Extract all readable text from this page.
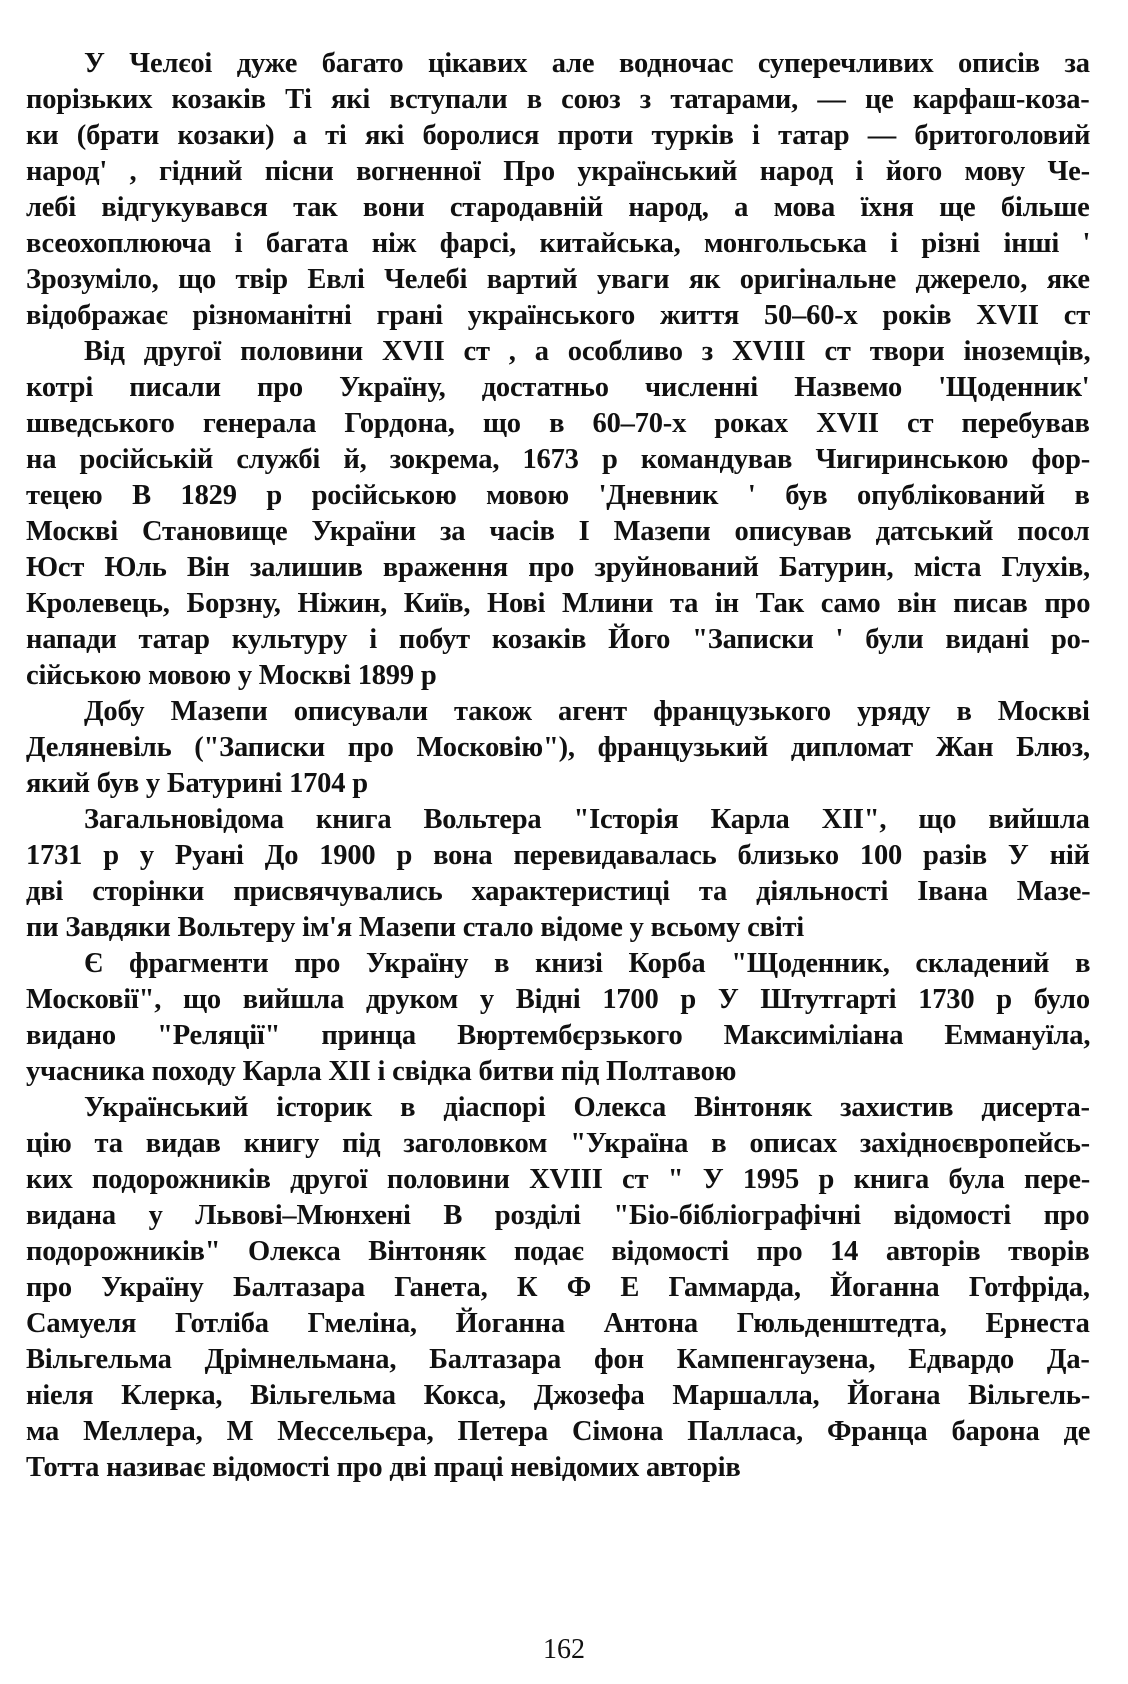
У Челєоі дуже багато цікавих але водночас суперечливих описів за
порізьких козаків Ті які вступали в союз з татарами, — це карфаш-коза-
ки (брати козаки) а ті які боролися проти турків і татар — бритоголовий
народ' , гідний пісни вогненної Про український народ і його мову Че-
лебі відгукувався так вони стародавній народ, а мова їхня ще більше
всеохоплююча і багата ніж фарсі, китайська, монгольська і різні інші '
Зрозуміло, що твір Евлі Челебі вартий уваги як оригінальне джерело, яке
відображає різноманітні грані українського життя 50–60-х років XVII ст
Від другої половини XVII ст , а особливо з XVIII ст твори іноземців,
котрі писали про Україну, достатньо численні Назвемо 'Щоденник'
шведського генерала Гордона, що в 60–70-х роках XVII ст перебував
на російській службі й, зокрема, 1673 р командував Чигиринською фор-
тецею В 1829 р російською мовою 'Дневник ' був опублікований в
Москві Становище України за часів І Мазепи описував датський посол
Юст Юль Він залишив враження про зруйнований Батурин, міста Глухів,
Кролевець, Борзну, Ніжин, Київ, Нові Млини та ін Так само він писав про
напади татар культуру і побут козаків Його "Записки ' були видані ро-
сійською мовою у Москві 1899 р
Добу Мазепи описували також агент французького уряду в Москві
Деляневіль ("Записки про Московію"), французький дипломат Жан Блюз,
який був у Батурині 1704 р
Загальновідома книга Вольтера "Історія Карла XII", що вийшла
1731 р у Руані До 1900 р вона перевидавалась близько 100 разів У ній
дві сторінки присвячувались характеристиці та діяльності Івана Мазе-
пи Завдяки Вольтеру ім'я Мазепи стало відоме у всьому світі
Є фрагменти про Україну в книзі Корба "Щоденник, складений в
Московії", що вийшла друком у Відні 1700 р У Штутгарті 1730 р було
видано "Реляції" принца Вюртембєрзького Максиміліана Еммануїла,
учасника походу Карла XII і свідка битви під Полтавою
Український історик в діаспорі Олекса Вінтоняк захистив дисерта-
цію та видав книгу під заголовком "Україна в описах західноєвропейсь-
ких подорожників другої половини XVIII ст " У 1995 р книга була пере-
видана у Львові–Мюнхені В розділі "Біо-бібліографічні відомості про
подорожників" Олекса Вінтоняк подає відомості про 14 авторів творів
про Україну Балтазара Ганета, К Ф Е Гаммарда, Йоганна Готфріда,
Самуеля Готліба Гмеліна, Йоганна Антона Гюльденштедта, Ернеста
Вільгельма Дрімнельмана, Балтазара фон Кампенгаузена, Едвардо Да-
ніеля Клерка, Вільгельма Кокса, Джозефа Маршалла, Йогана Вільгель-
ма Меллера, М Мессельєра, Петера Сімона Палласа, Франца барона де
Тотта називає відомості про дві праці невідомих авторів
162
